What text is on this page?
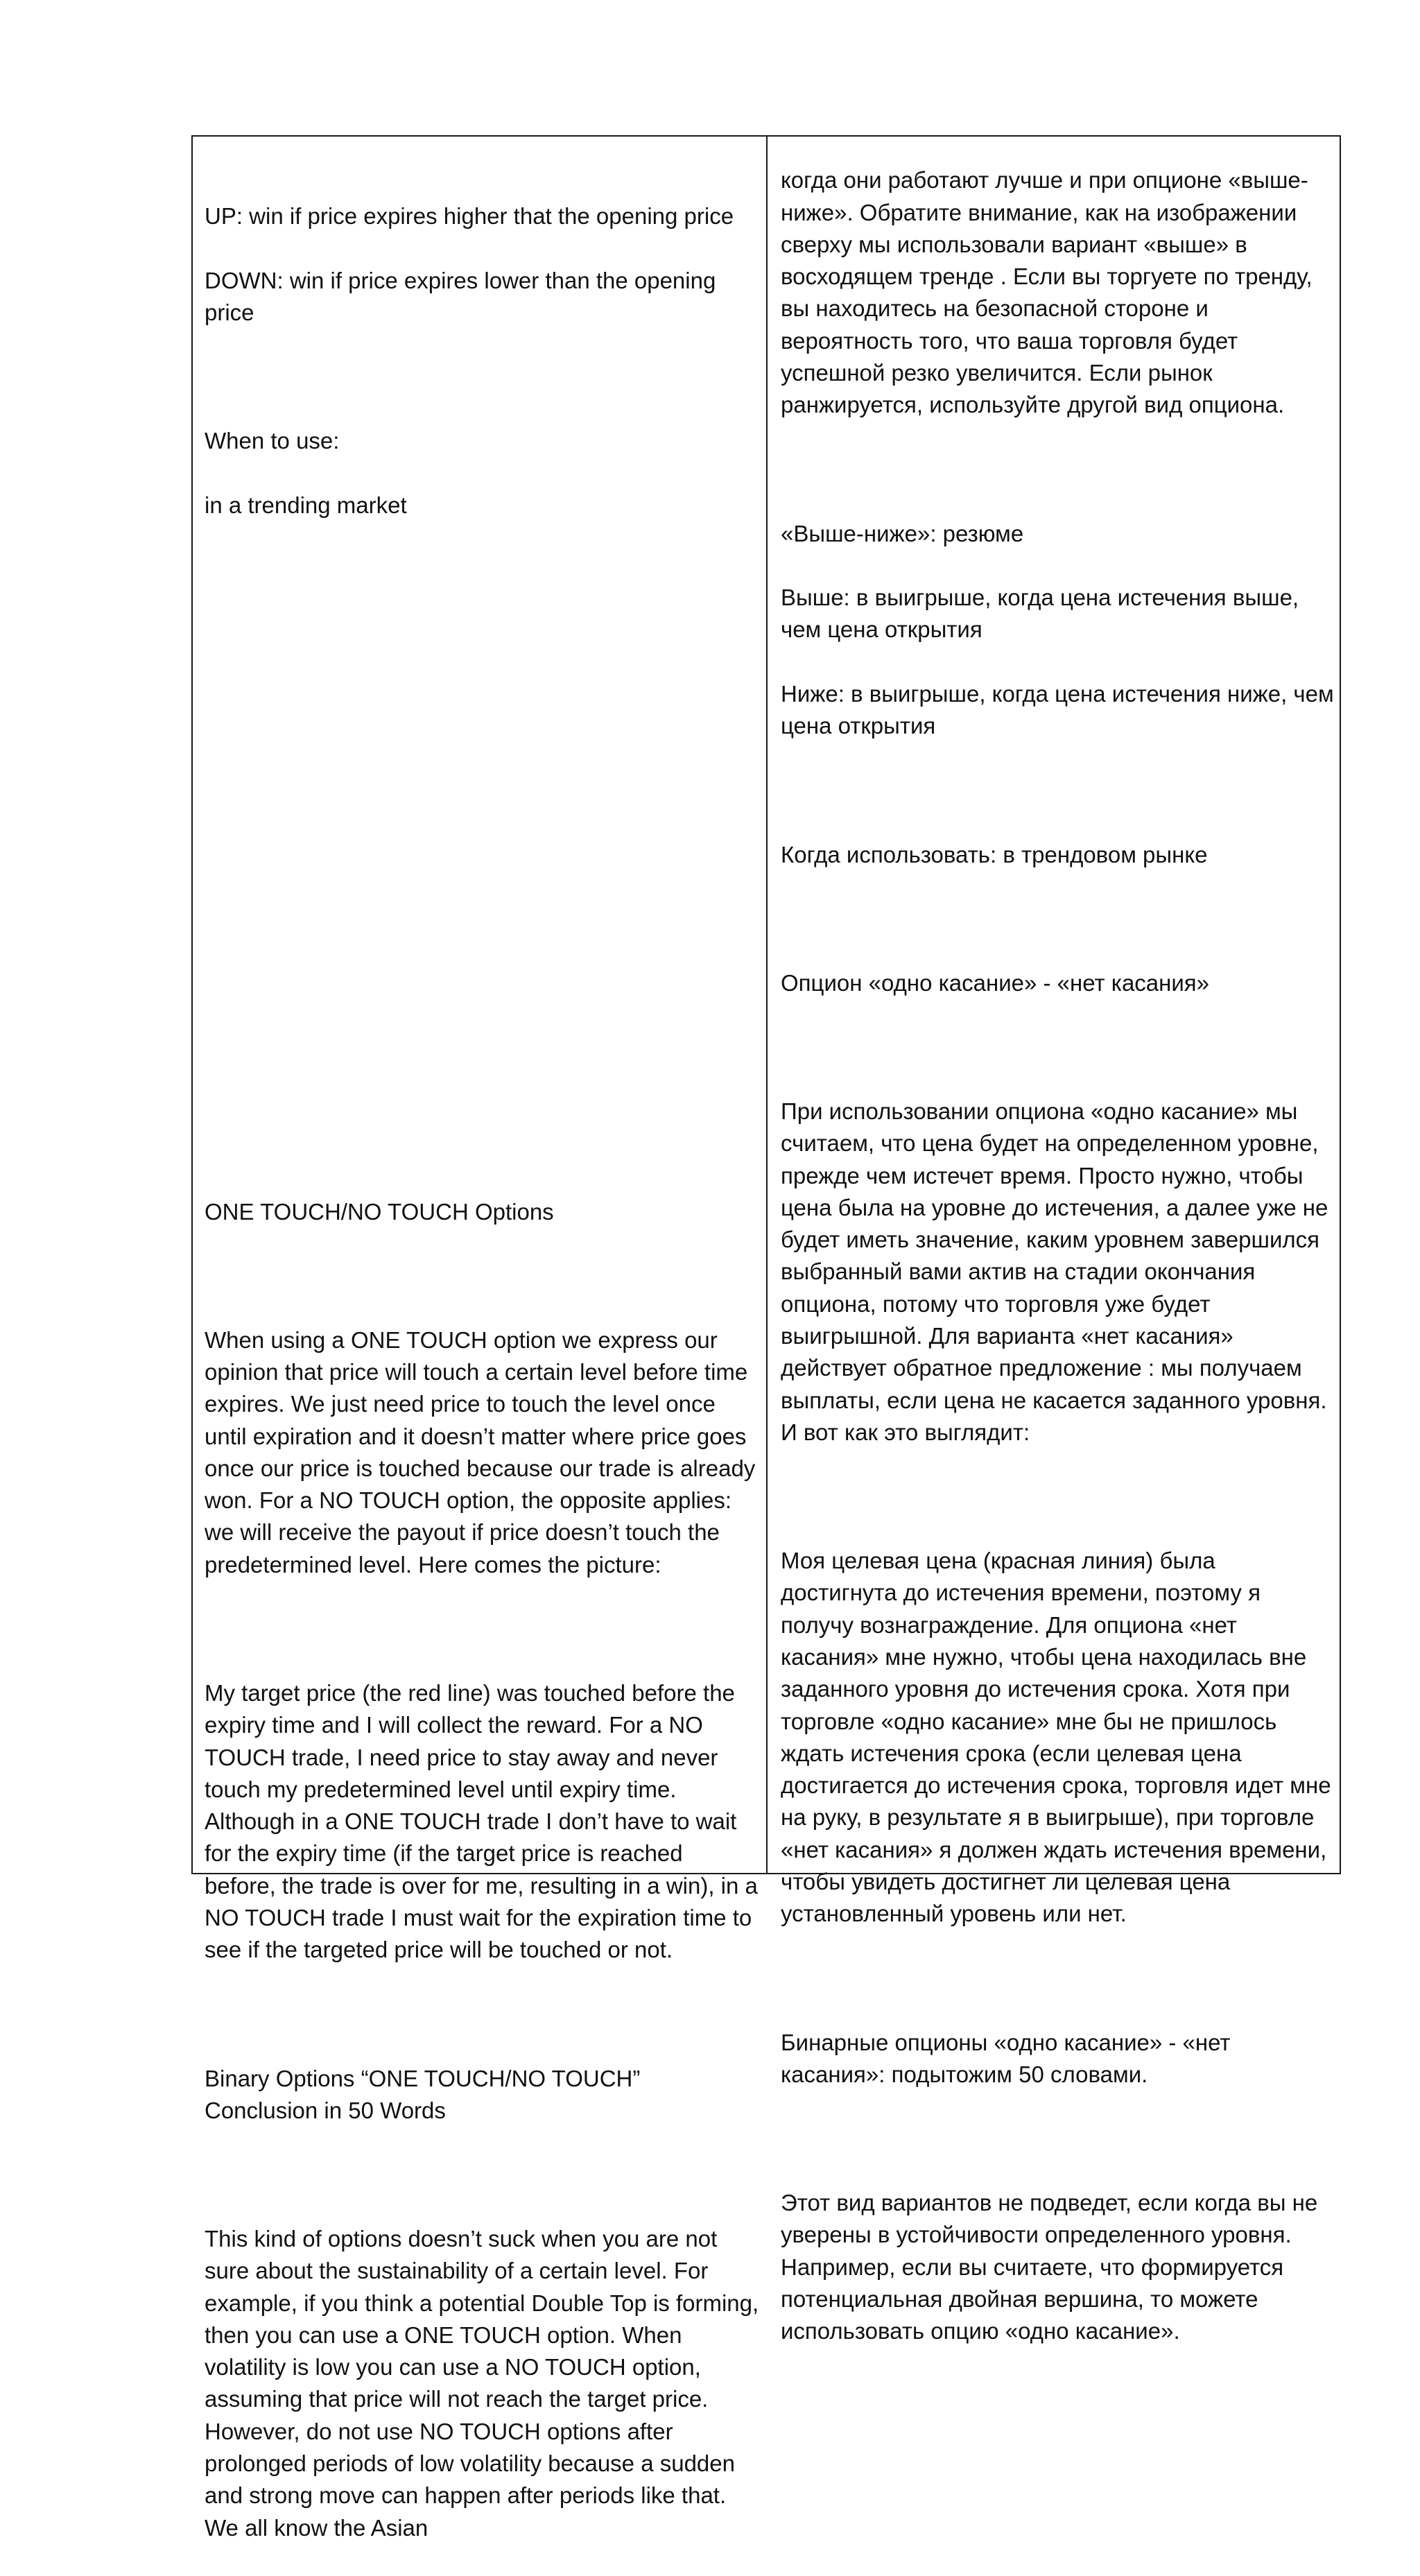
UP: win if price expires higher that the opening price

DOWN: win if price expires lower than the opening price

When to use:

in a trending market

ONE TOUCH/NO TOUCH Options

When using a ONE TOUCH option we express our opinion that price will touch a certain level before time expires. We just need price to touch the level once until expiration and it doesn’t matter where price goes once our price is touched because our trade is already won. For a NO TOUCH option, the opposite applies: we will receive the payout if price doesn’t touch the predetermined level. Here comes the picture:

My target price (the red line) was touched before the expiry time and I will collect the reward. For a NO TOUCH trade, I need price to stay away and never touch my predetermined level until expiry time. Although in a ONE TOUCH trade I don’t have to wait for the expiry time (if the target price is reached before, the trade is over for me, resulting in a win), in a NO TOUCH trade I must wait for the expiration time to see if the targeted price will be touched or not.

Binary Options “ONE TOUCH/NO TOUCH” Conclusion in 50 Words

This kind of options doesn’t suck when you are not sure about the sustainability of a certain level. For example, if you think a potential Double Top is forming, then you can use a ONE TOUCH option. When volatility is low you can use a NO TOUCH option, assuming that price will not reach the target price. However, do not use NO TOUCH options after prolonged periods of low volatility because a sudden and strong move can happen after periods like that. We all know the Asian

когда они работают лучше и при опционе «выше-ниже». Обратите внимание, как на изображении сверху мы использовали вариант «выше» в восходящем тренде . Если вы торгуете по тренду, вы находитесь на безопасной стороне и вероятность того, что ваша торговля будет успешной резко увеличится. Если рынок ранжируется, используйте другой вид опциона.

«Выше-ниже»: резюме

Выше: в выигрыше, когда цена истечения выше, чем цена открытия

Ниже: в выигрыше, когда цена истечения ниже, чем цена открытия

Когда использовать: в трендовом рынке

Опцион «одно касание» - «нет касания»

При использовании опциона «одно касание» мы считаем, что цена будет на определенном уровне, прежде чем истечет время. Просто нужно, чтобы цена была на уровне до истечения, а далее уже не будет иметь значение, каким уровнем завершился выбранный вами актив на стадии окончания опциона, потому что торговля уже будет выигрышной. Для варианта «нет касания» действует обратное предложение : мы получаем выплаты, если цена не касается заданного уровня. И вот как это выглядит:

Моя целевая цена (красная линия) была достигнута до истечения времени, поэтому я получу вознаграждение. Для опциона «нет касания» мне нужно, чтобы цена находилась вне заданного уровня до истечения срока. Хотя при торговле «одно касание» мне бы не пришлось ждать истечения срока (если целевая цена достигается до истечения срока, торговля идет мне на руку, в результате я в выигрыше), при торговле «нет касания» я должен ждать истечения времени, чтобы увидеть достигнет ли целевая цена установленный уровень или нет.

Бинарные опционы «одно касание» - «нет касания»: подытожим 50 словами.

Этот вид вариантов не подведет, если когда вы не уверены в устойчивости определенного уровня. Например, если вы считаете, что формируется потенциальная двойная вершина, то можете использовать опцию «одно касание».
